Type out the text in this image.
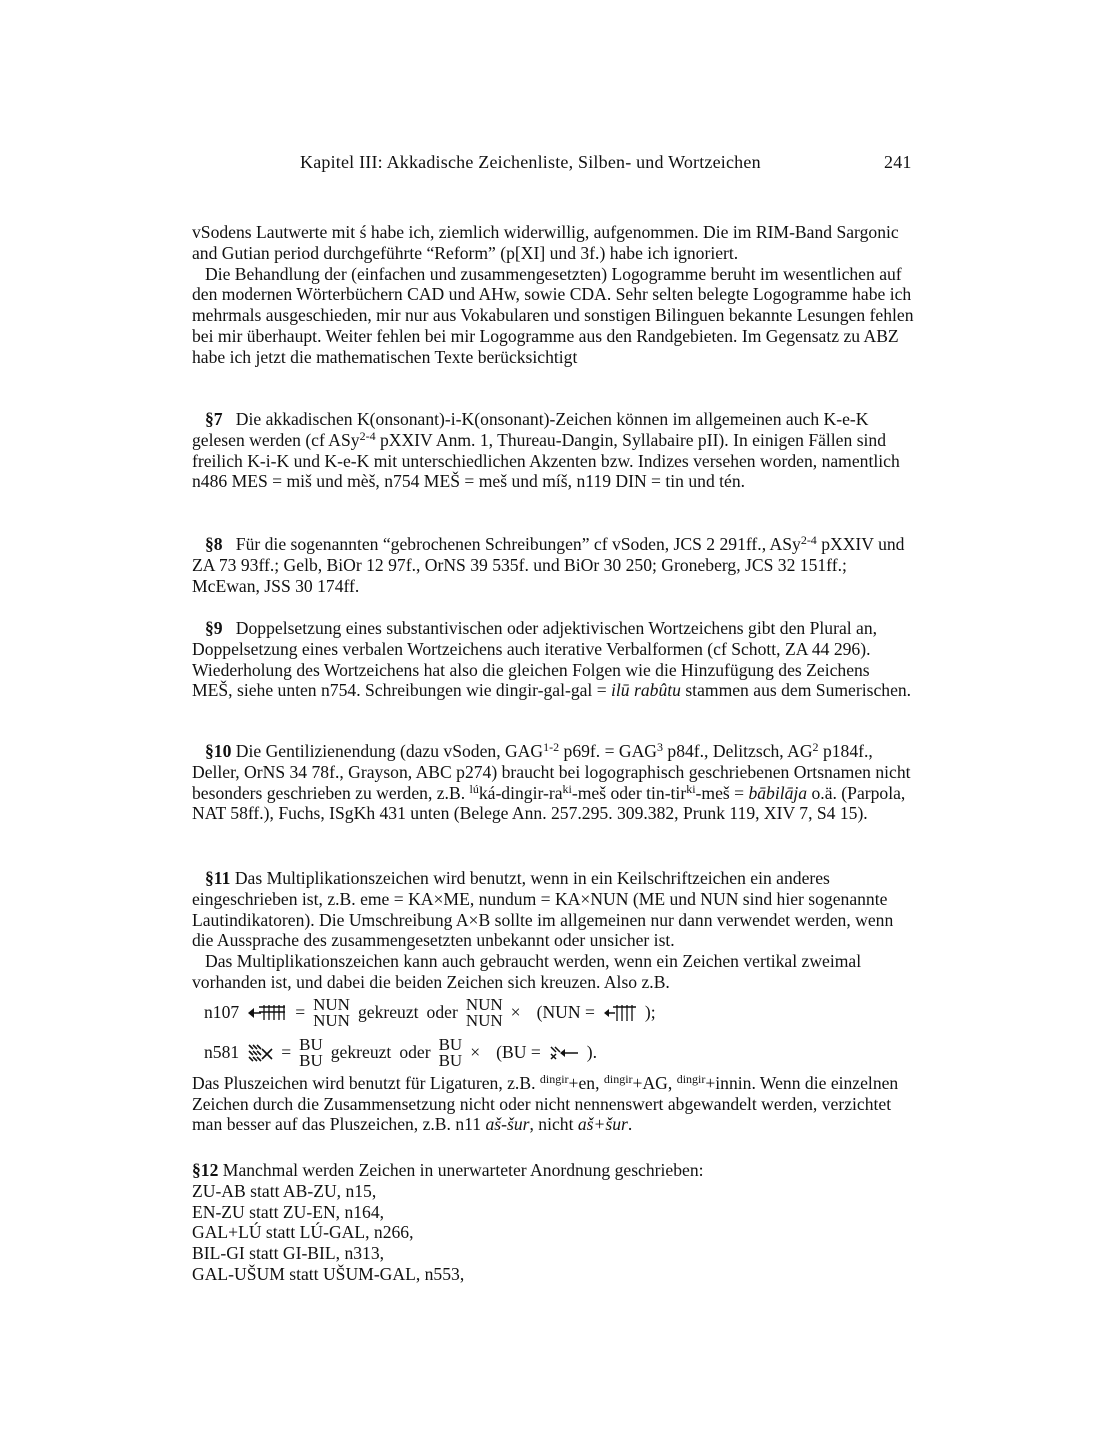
Kapitel III: Akkadische Zeichenliste, Silben- und Wortzeichen	241

vSodens Lautwerte mit ś habe ich, ziemlich widerwillig, aufgenommen. Die im RIM-Band Sargonic and Gutian period durchgeführte “Reform” (p[XI] und 3f.) habe ich ignoriert.

Die Behandlung der (einfachen und zusammengesetzten) Logogramme beruht im wesentlichen auf den modernen Wörterbüchern CAD und AHw, sowie CDA. Sehr selten belegte Logogramme habe ich mehrmals ausgeschieden, mir nur aus Vokabularen und sonstigen Bilinguen bekannte Lesungen fehlen bei mir überhaupt. Weiter fehlen bei mir Logogramme aus den Randgebieten. Im Gegensatz zu ABZ habe ich jetzt die mathematischen Texte berücksichtigt

§7 Die akkadischen K(onsonant)-i-K(onsonant)-Zeichen können im allgemeinen auch K-e-K gelesen werden (cf ASy$^{2-4}$ pXXIV Anm. 1, Thureau-Dangin, Syllabaire pII). In einigen Fällen sind freilich K-i-K und K-e-K mit unterschiedlichen Akzenten bzw. Indizes versehen worden, namentlich n486 MES = miš und mèš, n754 MEŠ = meš und míš, n119 DIN = tin und tén.

§8 Für die sogenannten “gebrochenen Schreibungen” cf vSoden, JCS 2 291ff., ASy$^{2-4}$ pXXIV und ZA 73 93ff.; Gelb, BiOr 12 97f., OrNS 39 535f. und BiOr 30 250; Groneberg, JCS 32 151ff.; McEwan, JSS 30 174ff.

§9 Doppelsetzung eines substantivischen oder adjektivischen Wortzeichens gibt den Plural an, Doppelsetzung eines verbalen Wortzeichens auch iterative Verbalformen (cf Schott, ZA 44 296). Wiederholung des Wortzeichens hat also die gleichen Folgen wie die Hinzufügung des Zeichens MEŠ, siehe unten n754. Schreibungen wie dingir-gal-gal = ilū rabûtu stammen aus dem Sumerischen.

§10 Die Gentilizienendung (dazu vSoden, GAG$^{1-2}$ p69f. = $GAG^3$ p84f., Delitzsch, $AG^2$ p184f., Deller, OrNS 34 78f., Grayson, ABC p274) braucht bei logographisch geschriebenen Ortsnamen nicht besonders geschrieben zu werden, z.B. $^{lú}ká-dingir-ra^{ki}$-meš oder tin-tir$^{ki}$-meš = bābilāja o.ä. (Parpola, NAT 58ff.), Fuchs, ISgKh 431 unten (Belege Ann. 257.295. 309.382, Prunk 119, XIV 7, S4 15).

§11 Das Multiplikationszeichen wird benutzt, wenn in ein Keilschriftzeichen ein anderes eingeschrieben ist, z.B. eme = KA×ME, nundum = KA×NUN (ME und NUN sind hier sogenannte Lautindikatoren). Die Umschreibung A×B sollte im allgemeinen nur dann verwendet werden, wenn die Aussprache des zusammengesetzten unbekannt oder unsicher ist.

Das Multiplikationszeichen kann auch gebraucht werden, wenn ein Zeichen vertikal zweimal vorhanden ist, und dabei die beiden Zeichen sich kreuzen. Also z.B.

n107	= NUN
NUN gekreuzt oder NUN
NUN × (NUN =	);
n581 = BU
BU gekreuzt oder BU
BU × (BU =	).

Das Pluszeichen wird benutzt für Ligaturen, z.B. $^{dingir}$+en, $^{dingir}$+AG, $^{dingir}$+innin. Wenn die einzelnen Zeichen durch die Zusammensetzung nicht oder nicht nennenswert abgewandelt werden, verzichtet man besser auf das Pluszeichen, z.B. n11 aš-šur, nicht aš+šur.

§12 Manchmal werden Zeichen in unerwarteter Anordnung geschrieben:

ZU-AB statt AB-ZU, n15,

EN-ZU statt ZU-EN, n164,

GAL+LÚ statt LÚ-GAL, n266,

BIL-GI statt GI-BIL, n313,

GAL-UŠUM statt UŠUM-GAL, n553,
